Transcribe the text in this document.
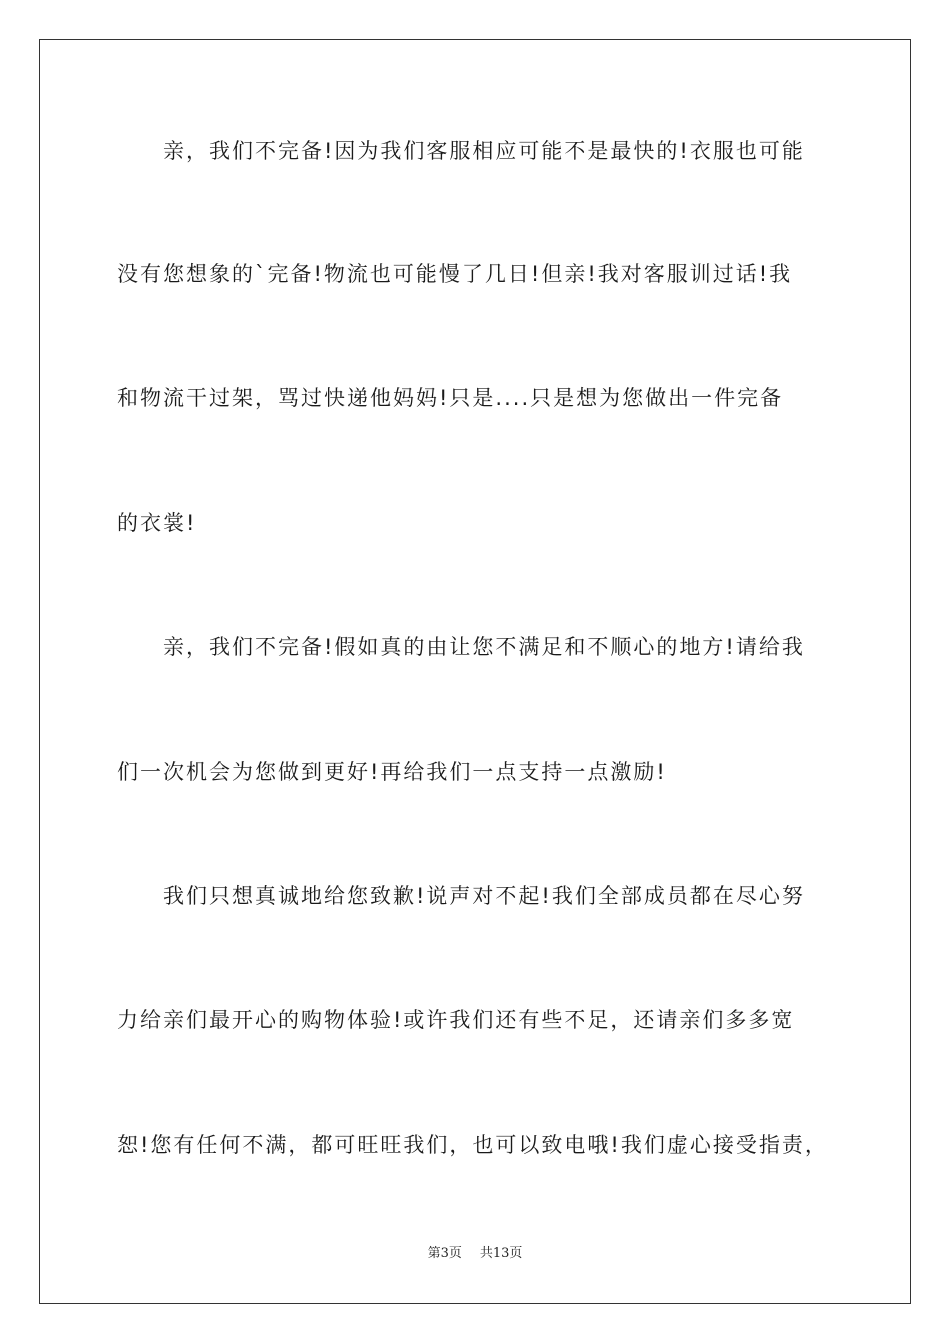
亲，我们不完备!因为我们客服相应可能不是最快的!衣服也可能
没有您想象的`完备!物流也可能慢了几日!但亲!我对客服训过话!我
和物流干过架，骂过快递他妈妈!只是....只是想为您做出一件完备
的衣裳!
亲，我们不完备!假如真的由让您不满足和不顺心的地方!请给我
们一次机会为您做到更好!再给我们一点支持一点激励!
我们只想真诚地给您致歉!说声对不起!我们全部成员都在尽心努
力给亲们最开心的购物体验!或许我们还有些不足，还请亲们多多宽
恕!您有任何不满，都可旺旺我们，也可以致电哦!我们虚心接受指责，
第3页 共13页
